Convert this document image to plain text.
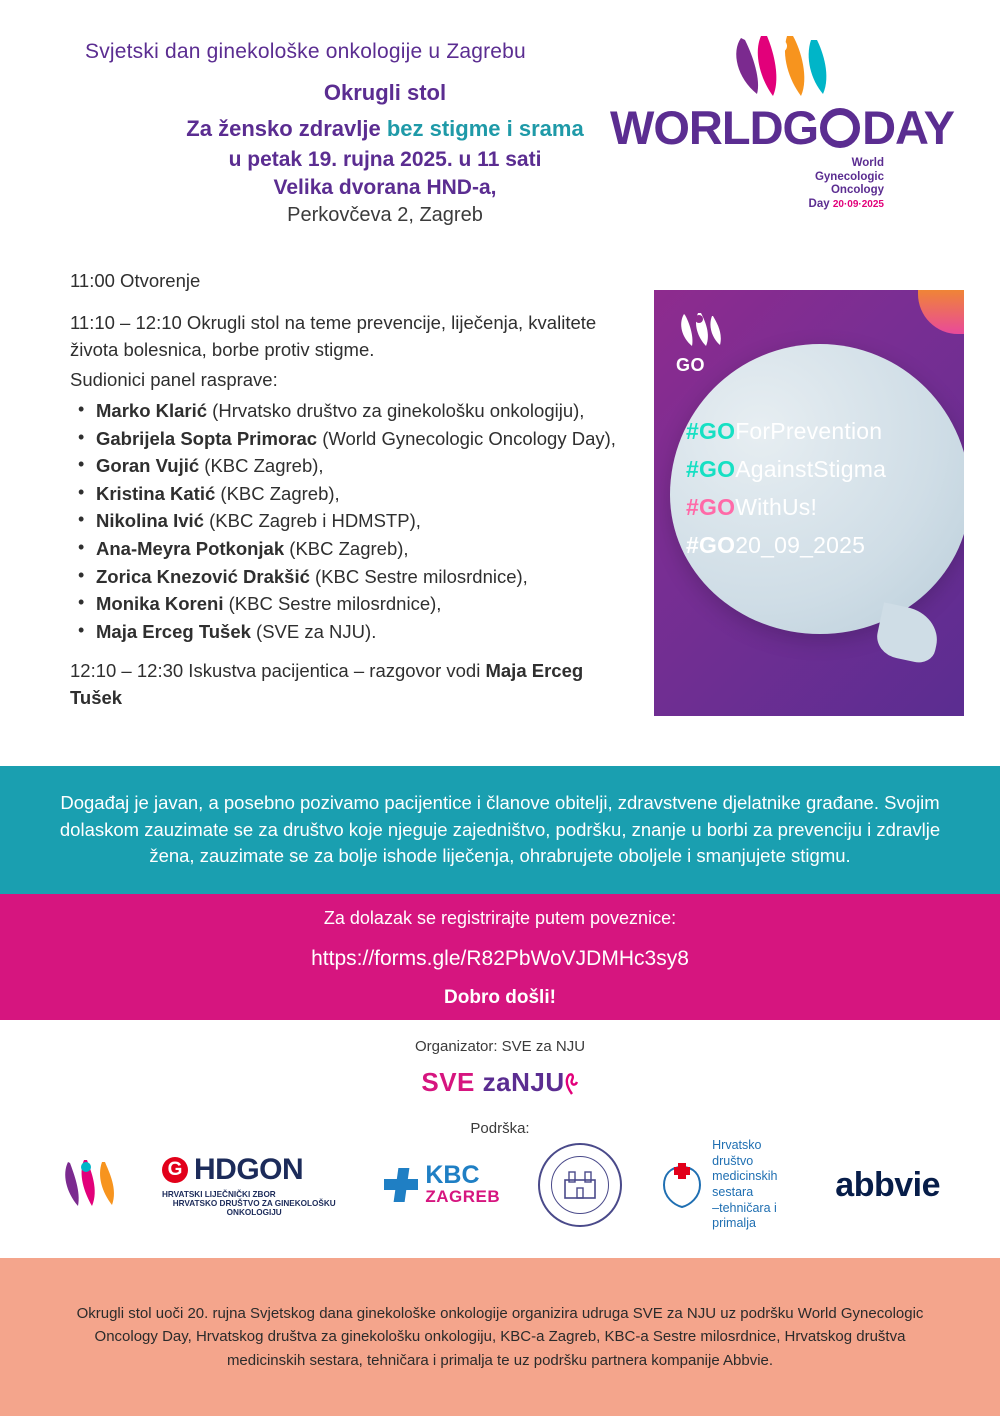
Svjetski dan ginekološke onkologije u Zagrebu
Okrugli stol
Za žensko zdravlje bez stigme i srama
u petak 19. rujna 2025. u 11 sati
Velika dvorana HND-a,
Perkovčeva 2, Zagreb
WORLD G DAY
World
Gynecologic
Oncology
Day 20·09·2025

11:00 Otvorenje

11:10 – 12:10 Okrugli stol na teme prevencije, liječenja, kvalitete života bolesnica, borbe protiv stigme.

Sudionici panel rasprave:

• Marko Klarić (Hrvatsko društvo za ginekološku onkologiju),
• Gabrijela Sopta Primorac (World Gynecologic Oncology Day),
• Goran Vujić (KBC Zagreb),
• Kristina Katić (KBC Zagreb),
• Nikolina Ivić (KBC Zagreb i HDMSTP),
• Ana-Meyra Potkonjak (KBC Zagreb),
• Zorica Knezović Drakšić (KBC Sestre milosrdnice),
• Monika Koreni (KBC Sestre milosrdnice),
• Maja Erceg Tušek (SVE za NJU).

12:10 – 12:30 Iskustva pacijentica – razgovor vodi Maja Erceg Tušek

GO
#GOForPrevention
#GOAgainstStigma
#GOWithUs!
#GO20_09_2025

Događaj je javan, a posebno pozivamo pacijentice i članove obitelji, zdravstvene djelatnike građane. Svojim dolaskom zauzimate se za društvo koje njeguje zajedništvo, podršku, znanje u borbi za prevenciju i zdravlje žena, zauzimate se za bolje ishode liječenja, ohrabrujete oboljele i smanjujete stigmu.

Za dolazak se registrirajte putem poveznice:
https://forms.gle/R82PbWoVJDMHc3sy8
Dobro došli!
Organizator: SVE za NJU
SVE zaNJU
Podrška:
G HDGON
HRVATSKI LIJEČNIČKI ZBOR
HRVATSKO DRUŠTVO ZA GINEKOLOŠKU ONKOLOGIJU
KBC
ZAGREB
Hrvatsko društvo
medicinskih sestara
–tehničara i primalja
abbvie

Okrugli stol uoči 20. rujna Svjetskog dana ginekološke onkologije organizira udruga SVE za NJU uz podršku World Gynecologic Oncology Day, Hrvatskog društva za ginekološku onkologiju, KBC-a Zagreb, KBC-a Sestre milosrdnice, Hrvatskog društva medicinskih sestara, tehničara i primalja te uz podršku partnera kompanije Abbvie.
